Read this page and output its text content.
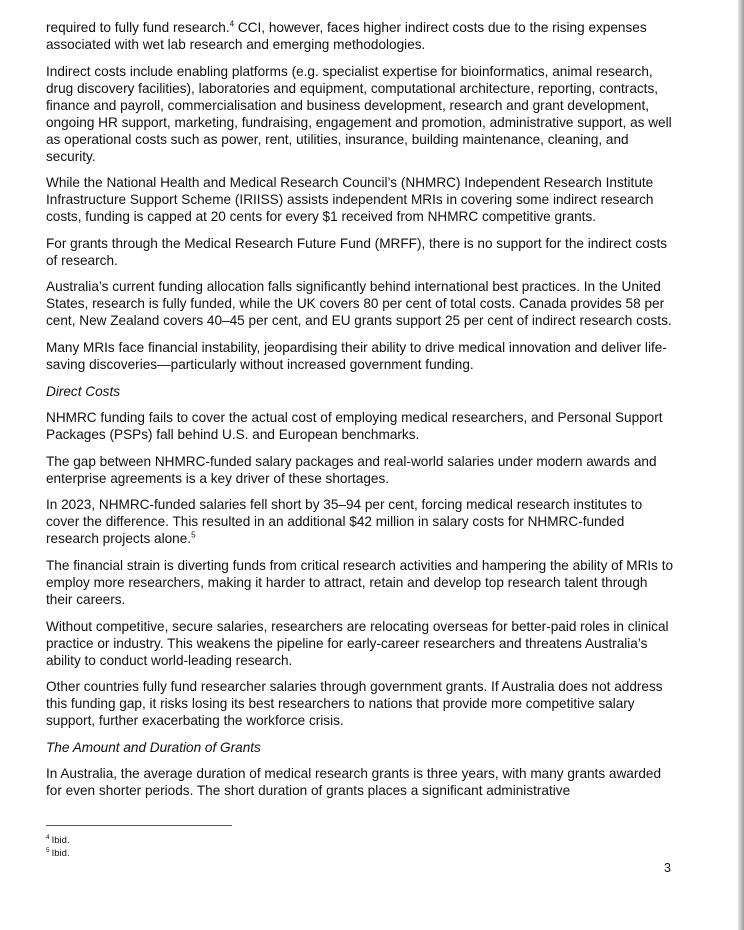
required to fully fund research.$^4$ CCI, however, faces higher indirect costs due to the rising expenses associated with wet lab research and emerging methodologies.

Indirect costs include enabling platforms (e.g. specialist expertise for bioinformatics, animal research, drug discovery facilities), laboratories and equipment, computational architecture, reporting, contracts, finance and payroll, commercialisation and business development, research and grant development, ongoing HR support, marketing, fundraising, engagement and promotion, administrative support, as well as operational costs such as power, rent, utilities, insurance, building maintenance, cleaning, and security.

While the National Health and Medical Research Council’s (NHMRC) Independent Research Institute Infrastructure Support Scheme (IRIISS) assists independent MRIs in covering some indirect research costs, funding is capped at 20 cents for every $1 received from NHMRC competitive grants.

For grants through the Medical Research Future Fund (MRFF), there is no support for the indirect costs of research.

Australia’s current funding allocation falls significantly behind international best practices. In the United States, research is fully funded, while the UK covers 80 per cent of total costs. Canada provides 58 per cent, New Zealand covers 40–45 per cent, and EU grants support 25 per cent of indirect research costs.

Many MRIs face financial instability, jeopardising their ability to drive medical innovation and deliver life-saving discoveries—particularly without increased government funding.

Direct Costs

NHMRC funding fails to cover the actual cost of employing medical researchers, and Personal Support Packages (PSPs) fall behind U.S. and European benchmarks.

The gap between NHMRC-funded salary packages and real-world salaries under modern awards and enterprise agreements is a key driver of these shortages.

In 2023, NHMRC-funded salaries fell short by 35–94 per cent, forcing medical research institutes to cover the difference. This resulted in an additional $42 million in salary costs for NHMRC-funded research projects alone.$^5$

The financial strain is diverting funds from critical research activities and hampering the ability of MRIs to employ more researchers, making it harder to attract, retain and develop top research talent through their careers.

Without competitive, secure salaries, researchers are relocating overseas for better-paid roles in clinical practice or industry. This weakens the pipeline for early-career researchers and threatens Australia’s ability to conduct world-leading research.

Other countries fully fund researcher salaries through government grants. If Australia does not address this funding gap, it risks losing its best researchers to nations that provide more competitive salary support, further exacerbating the workforce crisis.

The Amount and Duration of Grants

In Australia, the average duration of medical research grants is three years, with many grants awarded for even shorter periods. The short duration of grants places a significant administrative

$^4$ Ibid.
$^5$ Ibid.
3
